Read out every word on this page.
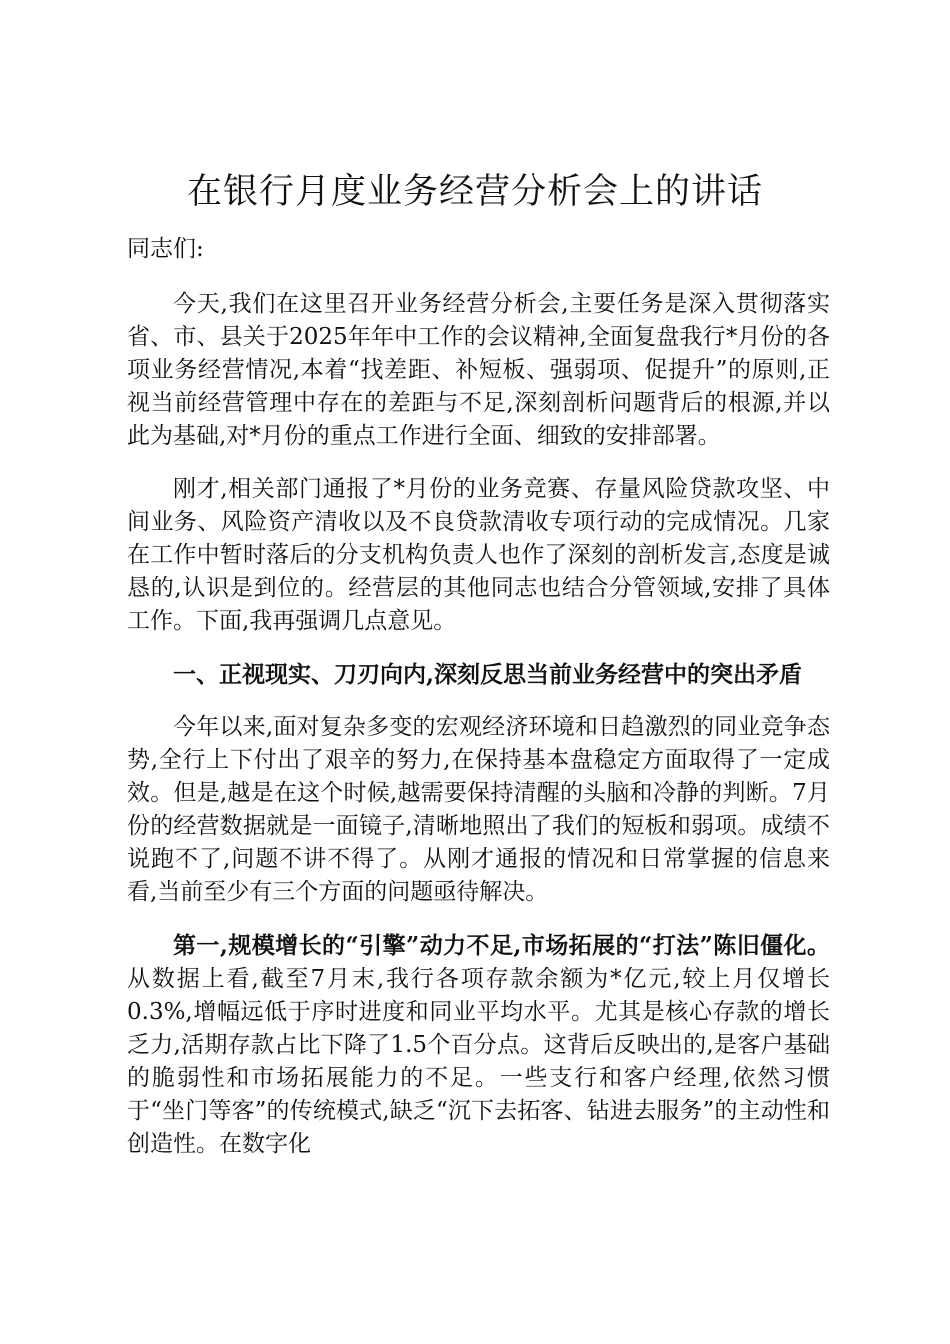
在银行月度业务经营分析会上的讲话

同志们:

今天,我们在这里召开业务经营分析会,主要任务是深入贯彻落实省、市、县关于2025年年中工作的会议精神,全面复盘我行*月份的各项业务经营情况,本着“找差距、补短板、强弱项、促提升”的原则,正视当前经营管理中存在的差距与不足,深刻剖析问题背后的根源,并以此为基础,对*月份的重点工作进行全面、细致的安排部署。

刚才,相关部门通报了*月份的业务竞赛、存量风险贷款攻坚、中间业务、风险资产清收以及不良贷款清收专项行动的完成情况。几家在工作中暂时落后的分支机构负责人也作了深刻的剖析发言,态度是诚恳的,认识是到位的。经营层的其他同志也结合分管领域,安排了具体工作。下面,我再强调几点意见。

一、正视现实、刀刃向内,深刻反思当前业务经营中的突出矛盾

今年以来,面对复杂多变的宏观经济环境和日趋激烈的同业竞争态势,全行上下付出了艰辛的努力,在保持基本盘稳定方面取得了一定成效。但是,越是在这个时候,越需要保持清醒的头脑和冷静的判断。7月份的经营数据就是一面镜子,清晰地照出了我们的短板和弱项。成绩不说跑不了,问题不讲不得了。从刚才通报的情况和日常掌握的信息来看,当前至少有三个方面的问题亟待解决。

第一,规模增长的“引擎”动力不足,市场拓展的“打法”陈旧僵化。从数据上看,截至7月末,我行各项存款余额为*亿元,较上月仅增长0.3%,增幅远低于序时进度和同业平均水平。尤其是核心存款的增长乏力,活期存款占比下降了1.5个百分点。这背后反映出的,是客户基础的脆弱性和市场拓展能力的不足。一些支行和客户经理,依然习惯于“坐门等客”的传统模式,缺乏“沉下去拓客、钻进去服务”的主动性和创造性。在数字化
